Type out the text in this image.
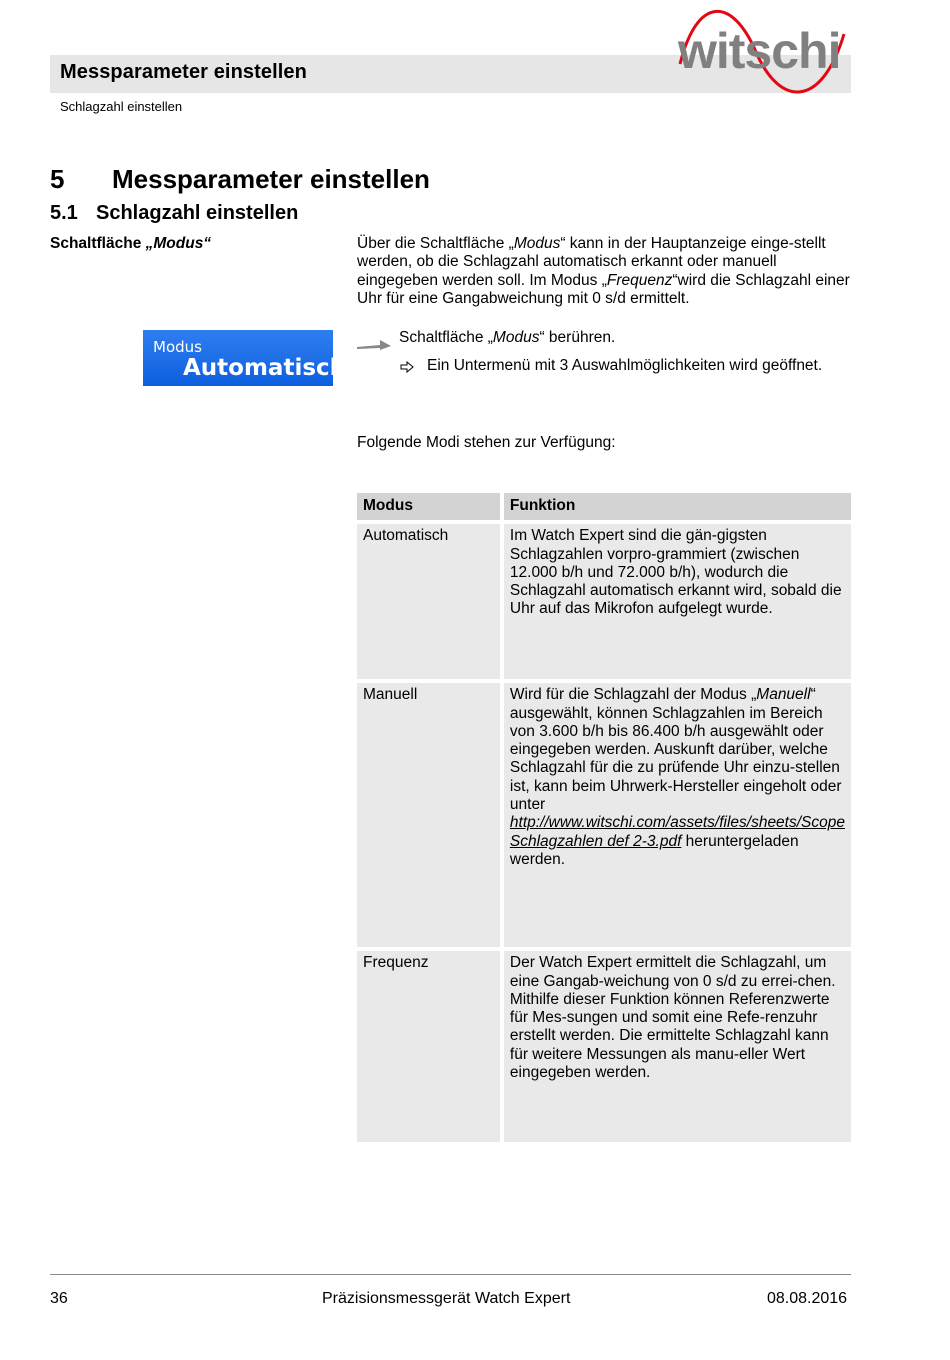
Messparameter einstellen
Schlagzahl einstellen
witschi
5 Messparameter einstellen
5.1 Schlagzahl einstellen
Schaltfläche „Modus“	Über die Schaltfläche „Modus“ kann in der Hauptanzeige einge-stellt werden, ob die Schlagzahl automatisch erkannt oder manuell eingegeben werden soll. Im Modus „Frequenz“wird die Schlagzahl einer Uhr für eine Gangabweichung mit 0 s/d ermittelt.
Modus
Automatisch
Schaltfläche „Modus“ berühren.
Ein Untermenü mit 3 Auswahlmöglichkeiten wird geöffnet.
Folgende Modi stehen zur Verfügung:
Modus	Funktion
Automatisch	Im Watch Expert sind die gän-gigsten Schlagzahlen vorpro-grammiert (zwischen 12.000 b/h und 72.000 b/h), wodurch die Schlagzahl automatisch erkannt wird, sobald die Uhr auf das Mikrofon aufgelegt wurde.
Manuell	Wird für die Schlagzahl der Modus „Manuell“ ausgewählt, können Schlagzahlen im Bereich von 3.600 b/h bis 86.400 b/h ausgewählt oder eingegeben werden. Auskunft darüber, welche Schlagzahl für die zu prüfende Uhr einzu-stellen ist, kann beim Uhrwerk-Hersteller eingeholt oder unter http://www.witschi.com/assets/files/sheets/Scope Schlagzahlen def 2-3.pdf heruntergeladen werden.
Frequenz	Der Watch Expert ermittelt die Schlagzahl, um eine Gangab-weichung von 0 s/d zu errei-chen. Mithilfe dieser Funktion können Referenzwerte für Mes-sungen und somit eine Refe-renzuhr erstellt werden. Die ermittelte Schlagzahl kann für weitere Messungen als manu-eller Wert eingegeben werden.
36	Präzisionsmessgerät Watch Expert	08.08.2016
